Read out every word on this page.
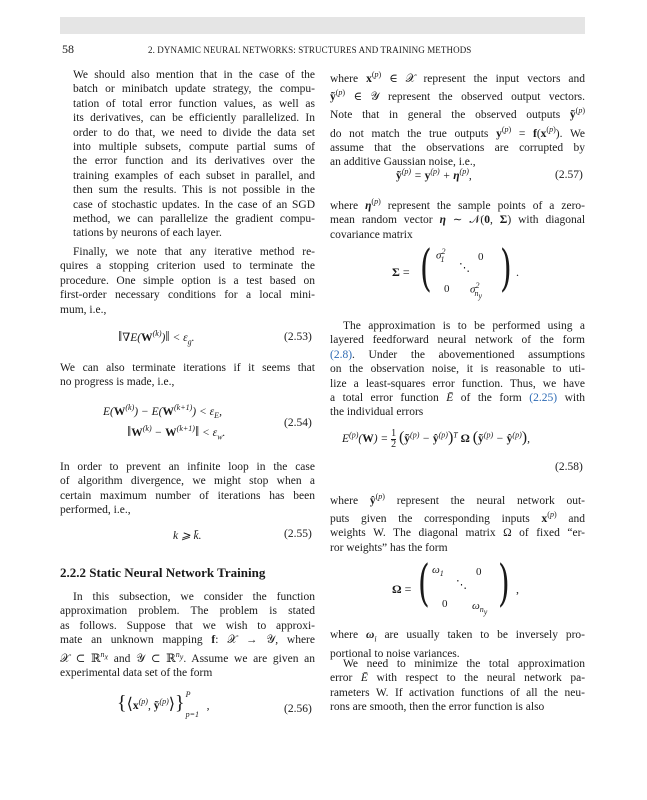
58	2. DYNAMIC NEURAL NETWORKS: STRUCTURES AND TRAINING METHODS
We should also mention that in the case of the
batch or minibatch update strategy, the compu-
tation of total error function values, as well as
its derivatives, can be efficiently parallelized. In
order to do that, we need to divide the data set
into multiple subsets, compute partial sums of
the error function and its derivatives over the
training examples of each subset in parallel, and
then sum the results. This is not possible in the
case of stochastic updates. In the case of an SGD
method, we can parallelize the gradient compu-
tations by neurons of each layer.
Finally, we note that any iterative method re-
quires a stopping criterion used to terminate the
procedure. One simple option is a test based on
first-order necessary conditions for a local mini-
mum, i.e.,
$‖\nabla E(W^{(k)})‖ < \varepsilon_g$.	(2.53)
We can also terminate iterations if it seems that
no progress is made, i.e.,
$E(W^{(k)}) - E(W^{(k+1)}) < \varepsilon_E$,
$‖W^{(k)}$ − $W^{(k+1)}‖ < \varepsilon_w$.
(2.54)
In order to prevent an infinite loop in the case
of algorithm divergence, we might stop when a
certain maximum number of iterations has been
performed, i.e.,
k ⩾ k̄.	(2.55)
2.2.2 Static Neural Network Training
In this subsection, we consider the function
approximation problem. The problem is stated
as follows. Suppose that we wish to approxi-
mate an unknown mapping f: 𝒳 → 𝒴, where
𝒳 ⊂ ℝ$^{n_x}$ and 𝒴 ⊂ ℝ$^{n_y}$. Assume we are given an
experimental data set of the form
{$⟨x^{(p)}$, ỹ$^{(p)}$⟩} P
p=1
,	(2.56)
where $x^{(p)}$ ∈ 𝒳 represent the input vectors and
ỹ$^{(p)}$ ∈ 𝒴 represent the observed output vectors.
Note that in general the observed outputs ỹ$^{(p)}$
do not match the true outputs $y^{(p)} = f(x^{(p)})$. We
assume that the observations are corrupted by
an additive Gaussian noise, i.e.,
ỹ$^{(p)}$ = $y^{(p)} + \eta^{(p)}$,	(2.57)
where $\eta^{(p)}$ represent the sample points of a zero-
mean random vector η ∼ 𝒩(0, Σ) with diagonal
covariance matrix
Σ = ( $\sigma^2_1$	0
⋱
0 $\sigma^2_{n_y}$ ) .
The approximation is to be performed using a
layered feedforward neural network of the form
(2.8). Under the abovementioned assumptions
on the observation noise, it is reasonable to uti-
lize a least-squares error function. Thus, we have
a total error function Ē of the form (2.25) with
the individual errors
$E^{(p)}(W) = 1$

2 (ỹ$^{(p)}$ − $ŷ^{(p)})^T$ Ω (ỹ$^{(p)}$ − $ŷ^{(p)}$),
(2.58)
where $ŷ^{(p)}$ represent the neural network out-
puts given the corresponding inputs $x^{(p)}$ and
weights W. The diagonal matrix Ω of fixed “er-
ror weights” has the form
Ω = ( $\omega_1$	0
⋱
0 $\omega_{n_y}$
) ,
where $\omega_i$ are usually taken to be inversely pro-
portional to noise variances.
We need to minimize the total approximation
error Ē with respect to the neural network pa-
rameters W. If activation functions of all the neu-
rons are smooth, then the error function is also
